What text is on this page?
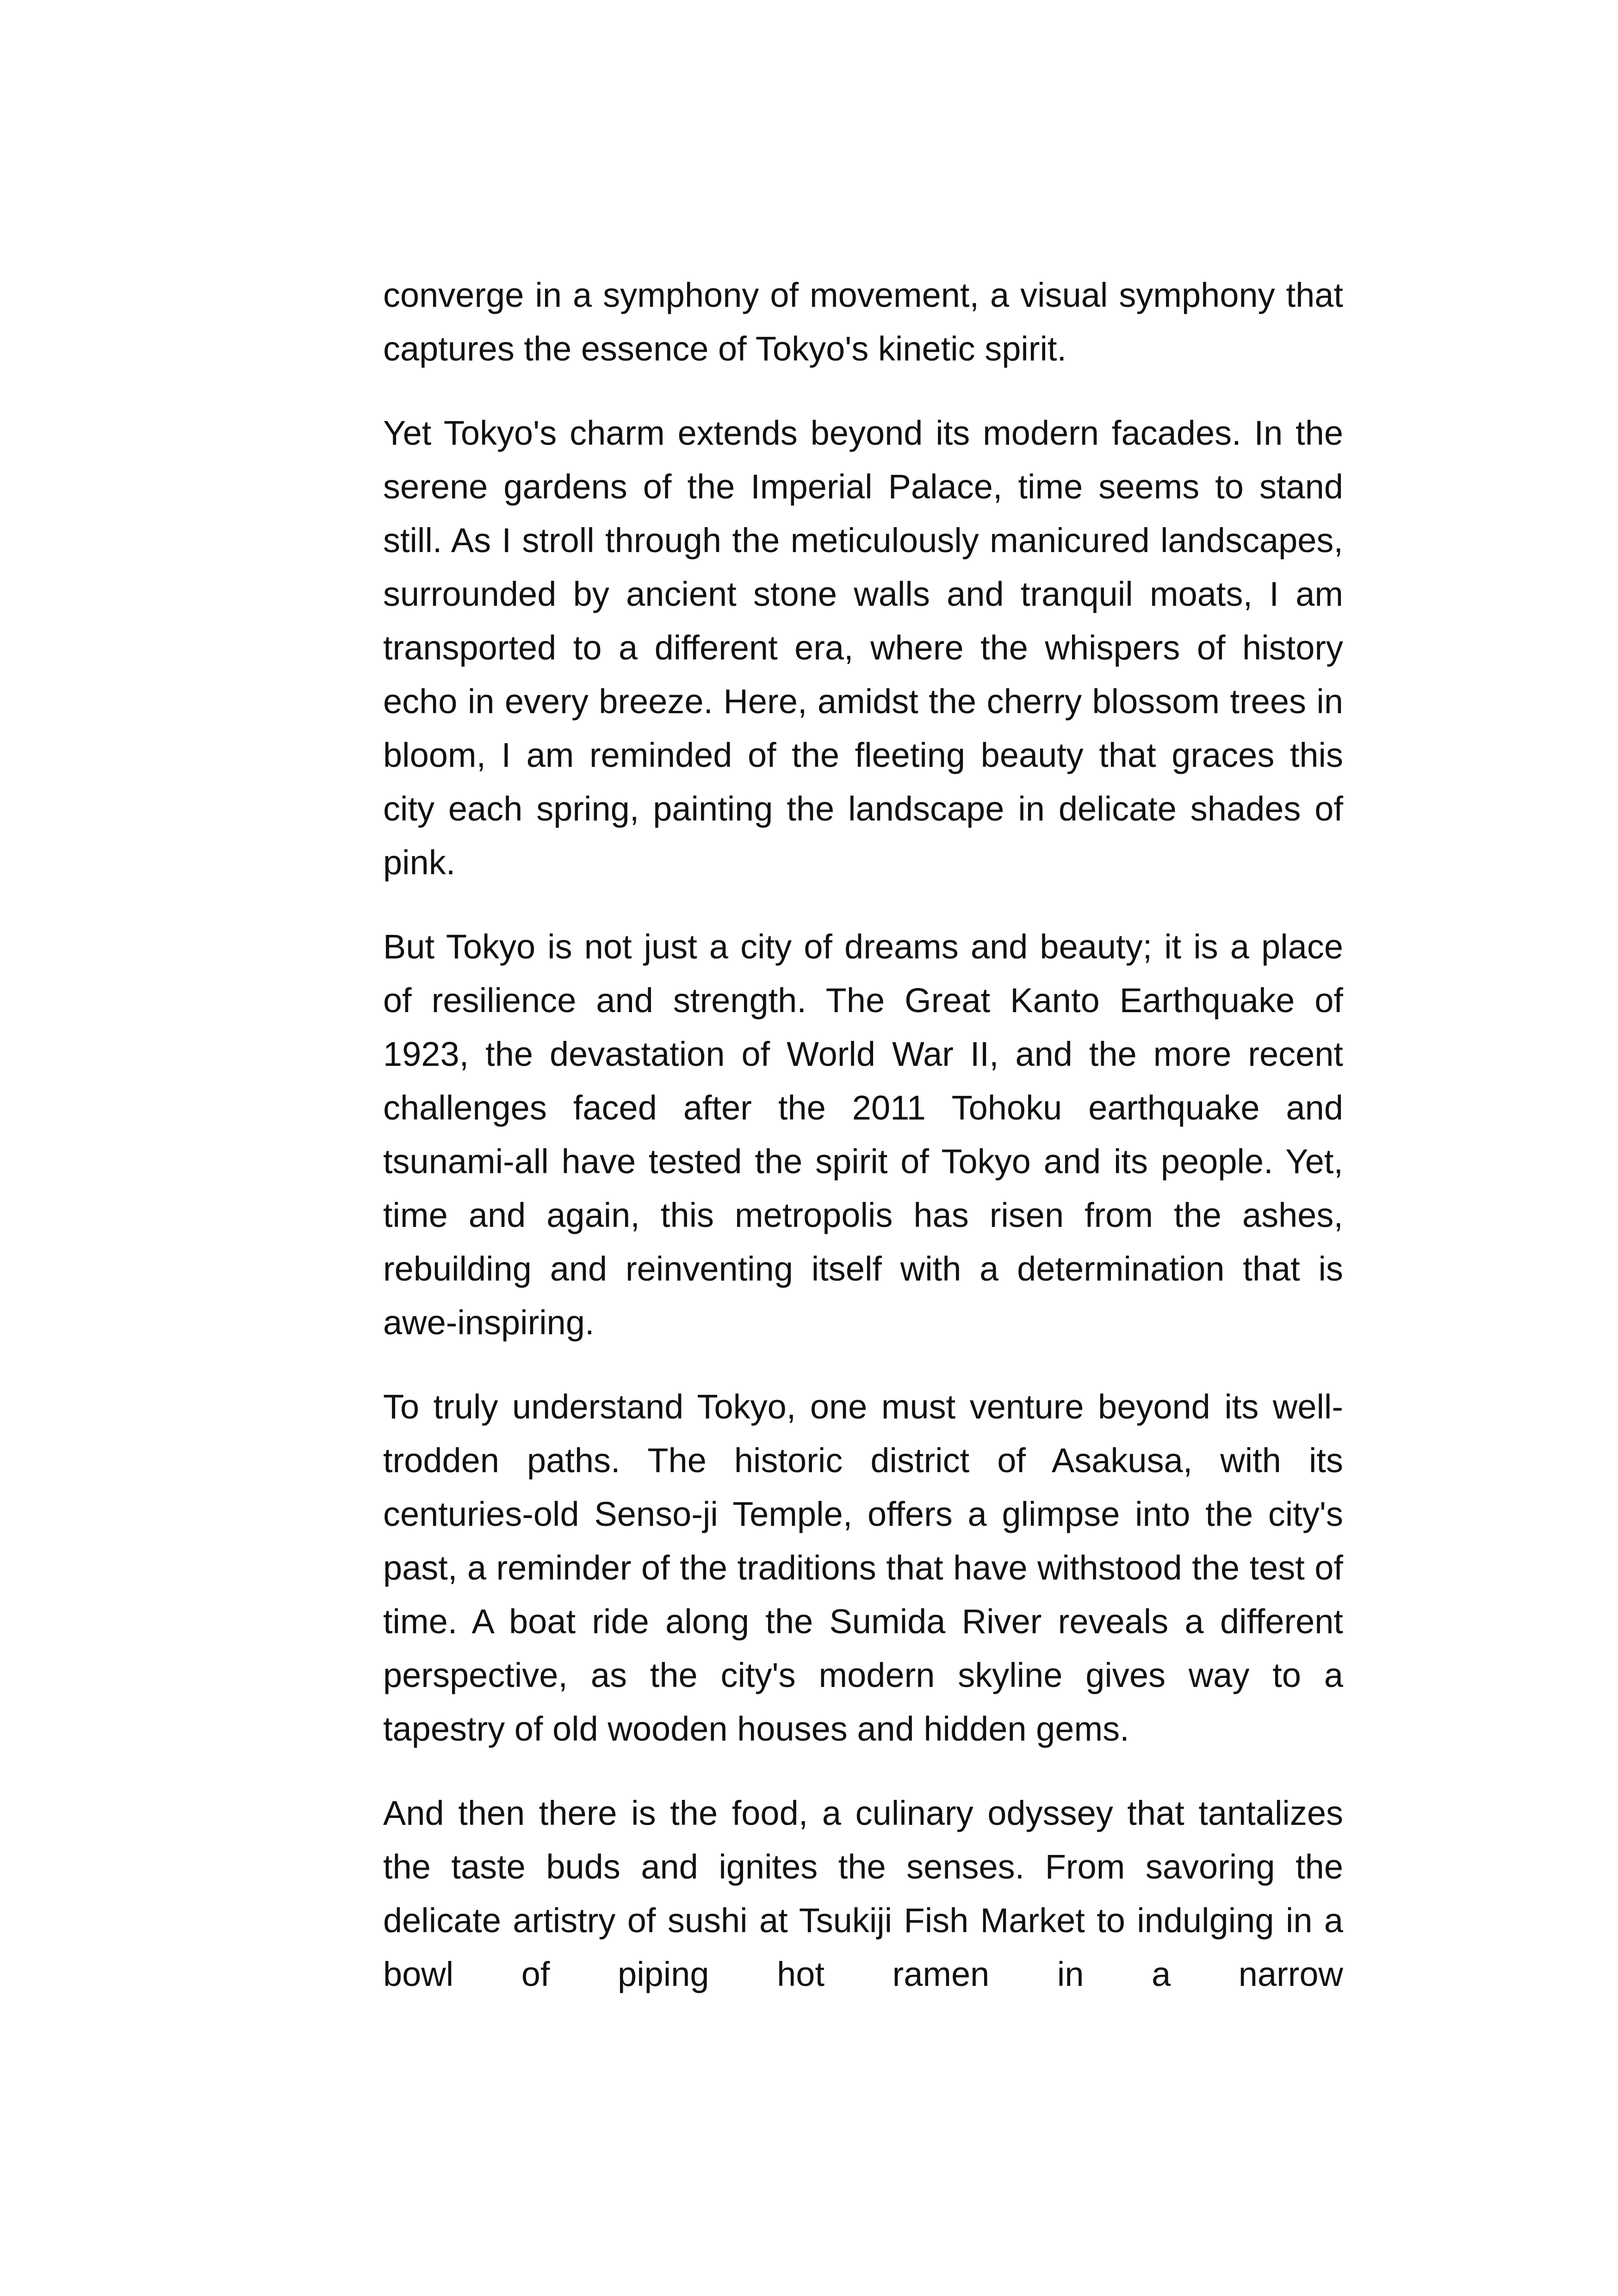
converge in a symphony of movement, a visual symphony that captures the essence of Tokyo's kinetic spirit.

Yet Tokyo's charm extends beyond its modern facades. In the serene gardens of the Imperial Palace, time seems to stand still. As I stroll through the meticulously manicured landscapes, surrounded by ancient stone walls and tranquil moats, I am transported to a different era, where the whispers of history echo in every breeze. Here, amidst the cherry blossom trees in bloom, I am reminded of the fleeting beauty that graces this city each spring, painting the landscape in delicate shades of pink.

But Tokyo is not just a city of dreams and beauty; it is a place of resilience and strength. The Great Kanto Earthquake of 1923, the devastation of World War II, and the more recent challenges faced after the 2011 Tohoku earthquake and tsunami-all have tested the spirit of Tokyo and its people. Yet, time and again, this metropolis has risen from the ashes, rebuilding and reinventing itself with a determination that is awe-inspiring.

To truly understand Tokyo, one must venture beyond its well-trodden paths. The historic district of Asakusa, with its centuries-old Senso-ji Temple, offers a glimpse into the city's past, a reminder of the traditions that have withstood the test of time. A boat ride along the Sumida River reveals a different perspective, as the city's modern skyline gives way to a tapestry of old wooden houses and hidden gems.

And then there is the food, a culinary odyssey that tantalizes the taste buds and ignites the senses. From savoring the delicate artistry of sushi at Tsukiji Fish Market to indulging in a bowl of piping hot ramen in a narrow
